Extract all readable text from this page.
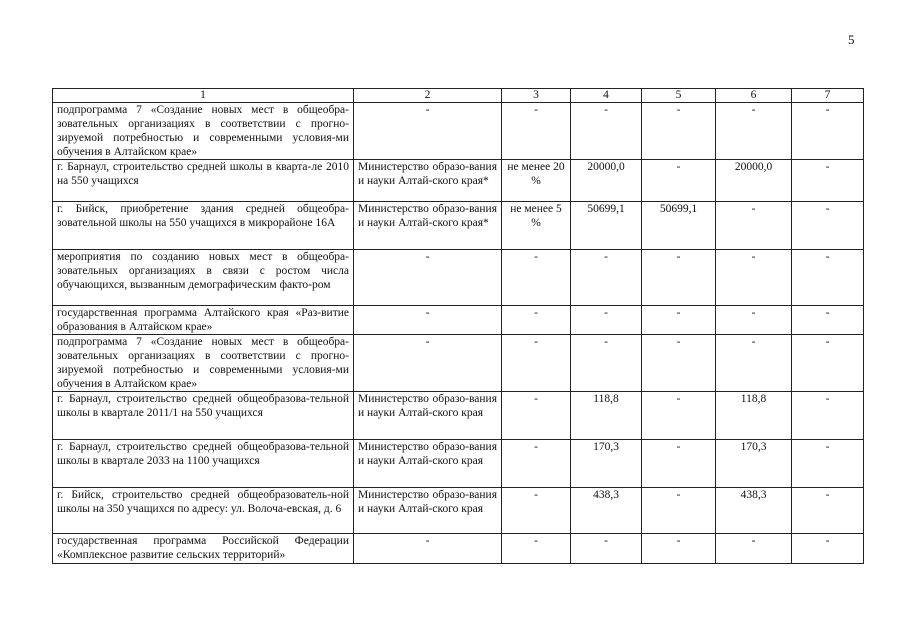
5
1	2	3	4	5	6	7
подпрограмма 7 «Создание новых мест в общеобра-зовательных организациях в соответствии с прогно-зируемой потребностью и современными условия-ми обучения в Алтайском крае»	-	-	-	-	-	-
г. Барнаул, строительство средней школы в кварта-ле 2010 на 550 учащихся	Министерство образо-вания и науки Алтай-ского края*	не менее 20 %	20000,0	-	20000,0	-
г. Бийск, приобретение здания средней общеобра-зовательной школы на 550 учащихся в микрорайоне 16А	Министерство образо-вания и науки Алтай-ского края*	не менее 5 %	50699,1	50699,1	-	-
мероприятия по созданию новых мест в общеобра-зовательных организациях в связи с ростом числа обучающихся, вызванным демографическим факто-ром	-	-	-	-	-	-
государственная программа Алтайского края «Раз-витие образования в Алтайском крае»	-	-	-	-	-	-
подпрограмма 7 «Создание новых мест в общеобра-зовательных организациях в соответствии с прогно-зируемой потребностью и современными условия-ми обучения в Алтайском крае»	-	-	-	-	-	-
г. Барнаул, строительство средней общеобразова-тельной школы в квартале 2011/1 на 550 учащихся	Министерство образо-вания и науки Алтай-ского края	-	118,8	-	118,8	-
г. Барнаул, строительство средней общеобразова-тельной школы в квартале 2033 на 1100 учащихся	Министерство образо-вания и науки Алтай-ского края	-	170,3	-	170,3	-
г. Бийск, строительство средней общеобразователь-ной школы на 350 учащихся по адресу: ул. Волоча-евская, д. 6	Министерство образо-вания и науки Алтай-ского края	-	438,3	-	438,3	-
государственная программа Российской Федерации «Комплексное развитие сельских территорий»	-	-	-	-	-	-
